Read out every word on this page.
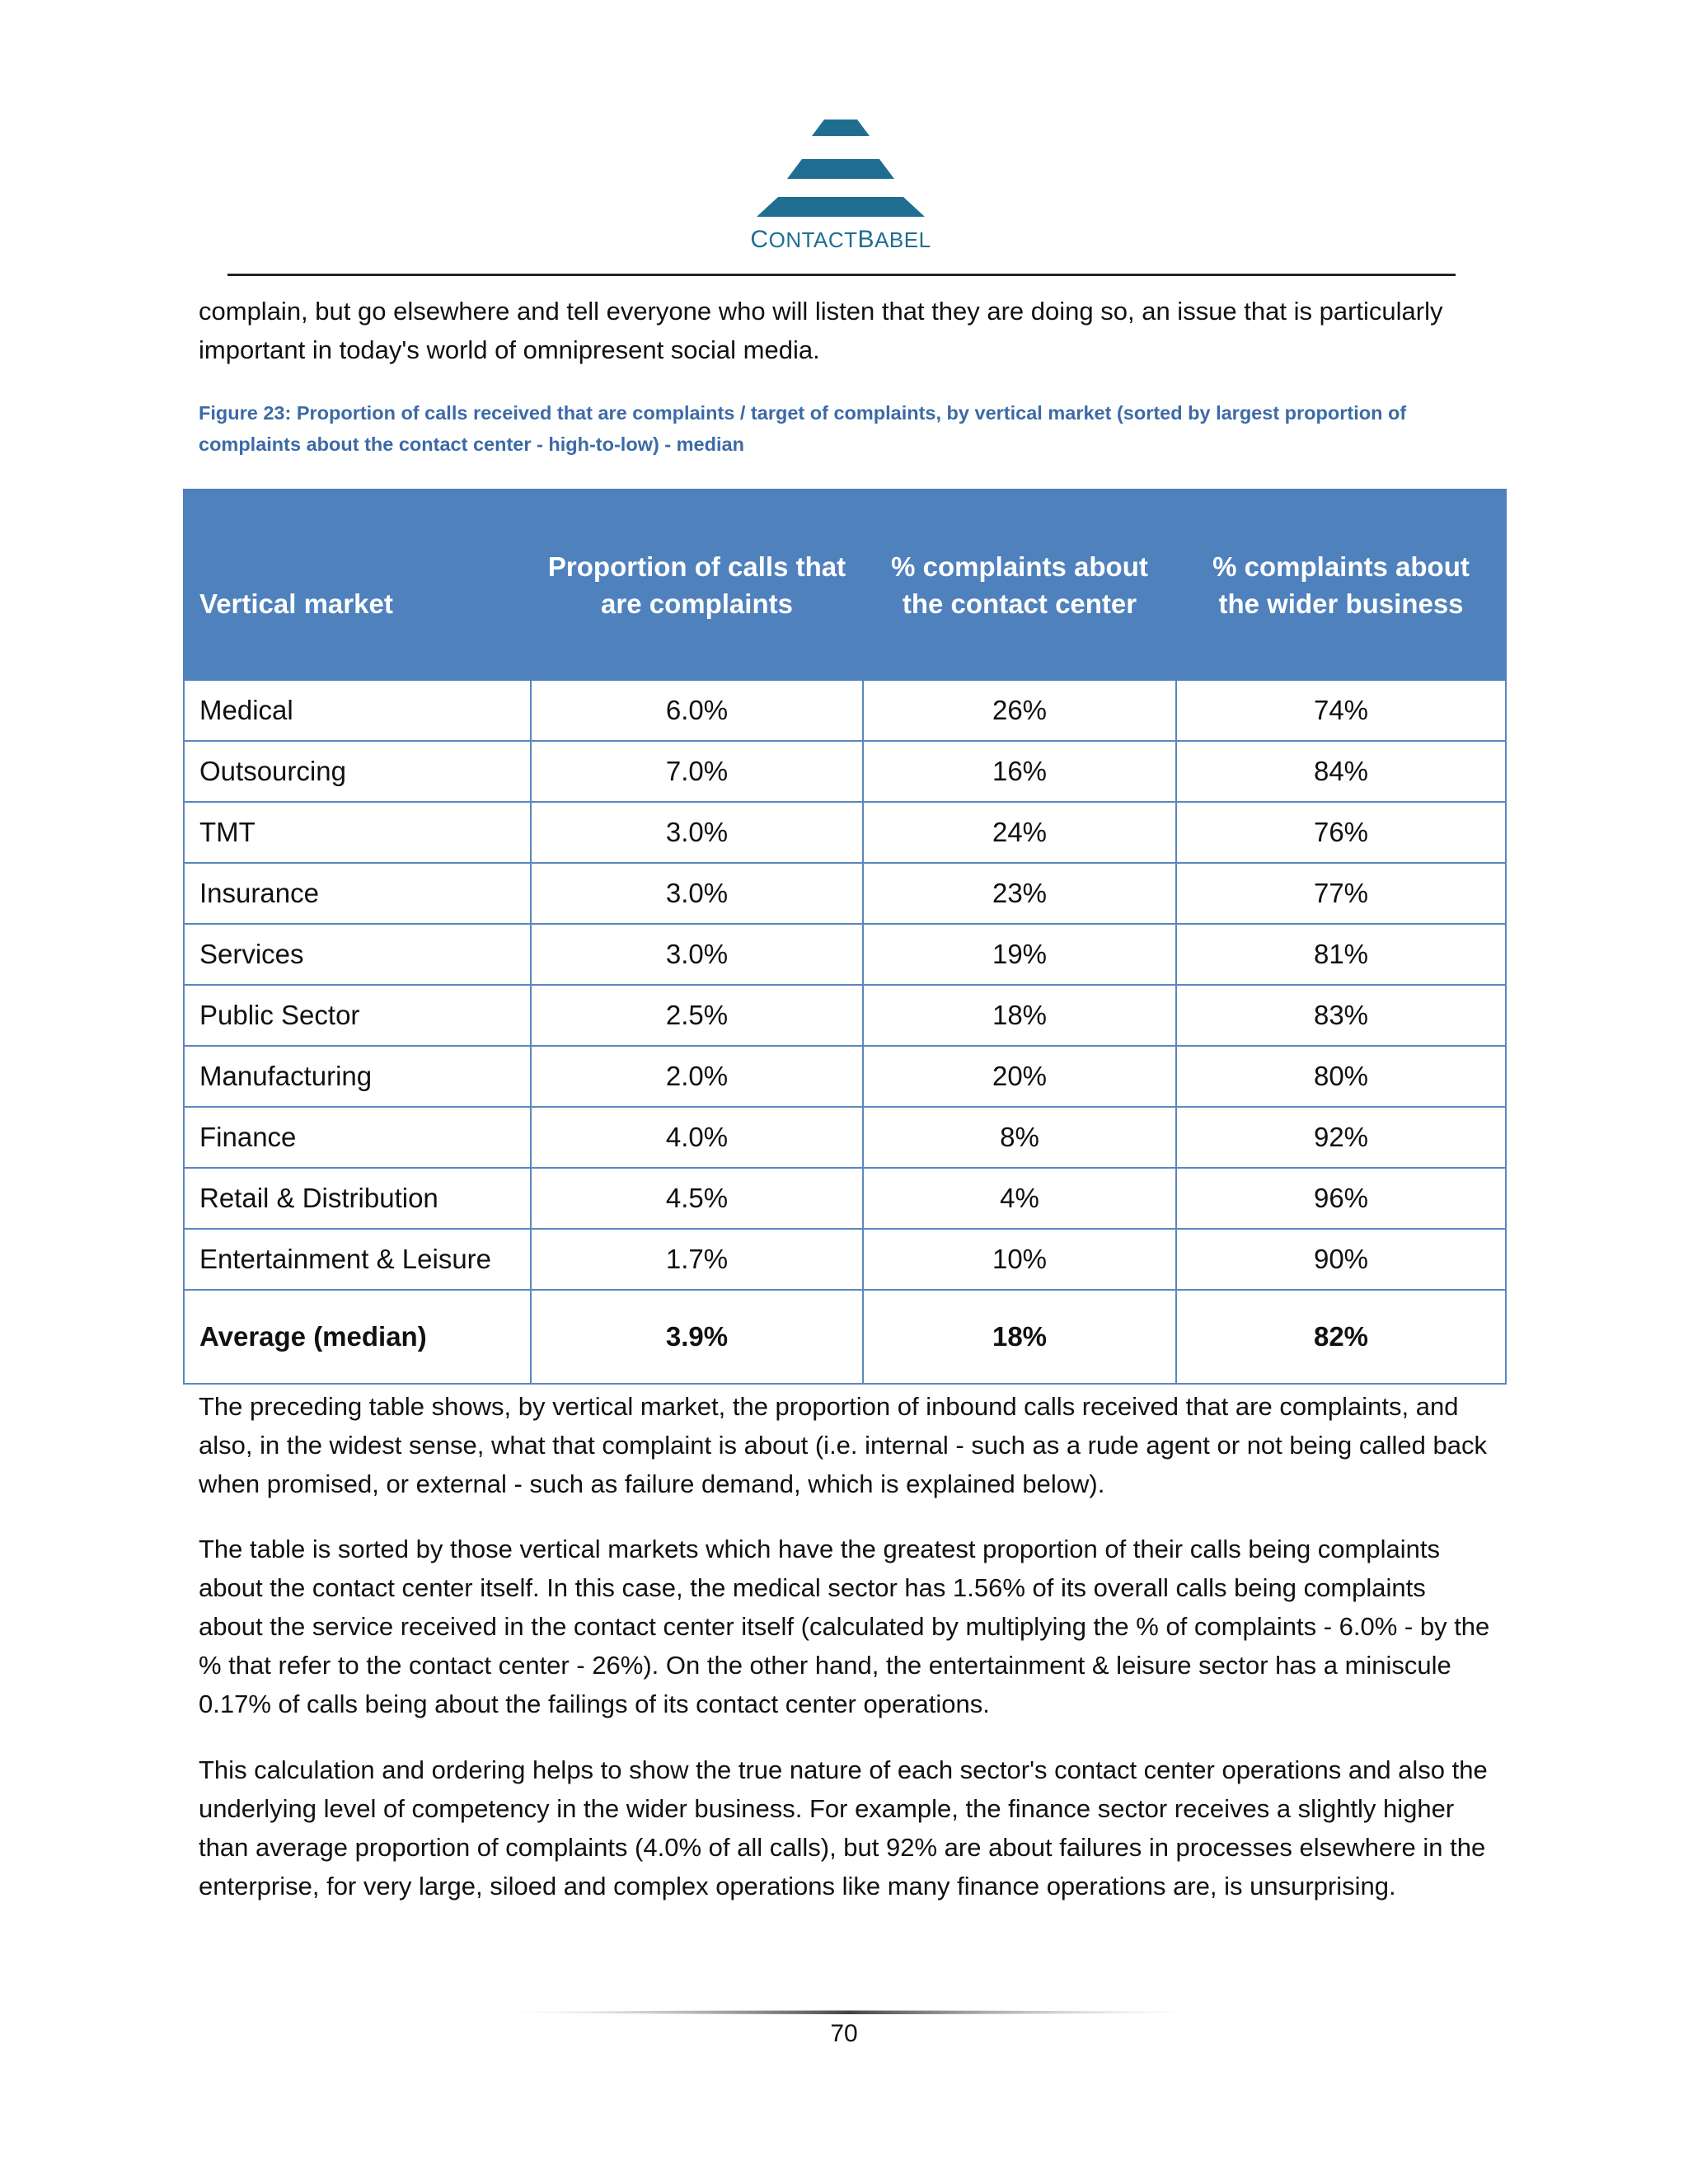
CONTACTBABEL
complain, but go elsewhere and tell everyone who will listen that they are doing so, an issue that is particularly important in today's world of omnipresent social media.
Figure 23: Proportion of calls received that are complaints / target of complaints, by vertical market (sorted by largest proportion of complaints about the contact center - high-to-low) - median
Vertical market	Proportion of calls that are complaints	% complaints about the contact center	% complaints about the wider business
Medical	6.0%	26%	74%
Outsourcing	7.0%	16%	84%
TMT	3.0%	24%	76%
Insurance	3.0%	23%	77%
Services	3.0%	19%	81%
Public Sector	2.5%	18%	83%
Manufacturing	2.0%	20%	80%
Finance	4.0%	8%	92%
Retail & Distribution	4.5%	4%	96%
Entertainment & Leisure	1.7%	10%	90%
Average (median)	3.9%	18%	82%
The preceding table shows, by vertical market, the proportion of inbound calls received that are complaints, and also, in the widest sense, what that complaint is about (i.e. internal - such as a rude agent or not being called back when promised, or external - such as failure demand, which is explained below).
The table is sorted by those vertical markets which have the greatest proportion of their calls being complaints about the contact center itself. In this case, the medical sector has 1.56% of its overall calls being complaints about the service received in the contact center itself (calculated by multiplying the % of complaints - 6.0% - by the % that refer to the contact center - 26%). On the other hand, the entertainment & leisure sector has a miniscule 0.17% of calls being about the failings of its contact center operations.
This calculation and ordering helps to show the true nature of each sector's contact center operations and also the underlying level of competency in the wider business. For example, the finance sector receives a slightly higher than average proportion of complaints (4.0% of all calls), but 92% are about failures in processes elsewhere in the enterprise, for very large, siloed and complex operations like many finance operations are, is unsurprising.
70
